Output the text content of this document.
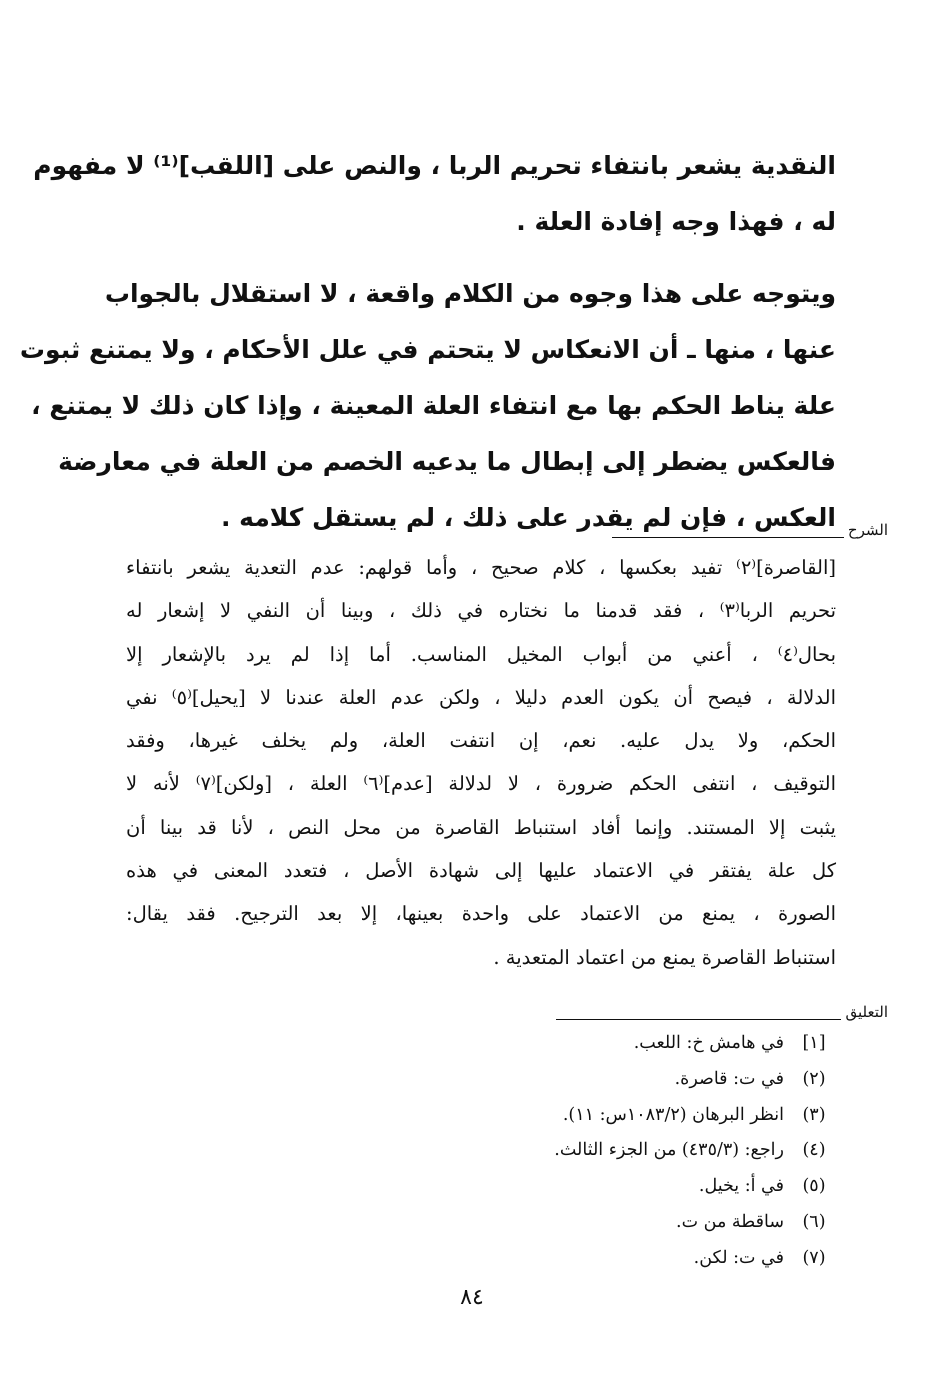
النقدية يشعر بانتفاء تحريم الربا ، والنص على [اللقب]⁽¹⁾ لا مفهوم
له ، فهذا وجه إفادة العلة .
ويتوجه على هذا وجوه من الكلام واقعة ، لا استقلال بالجواب
عنها ، منها ـ أن الانعكاس لا يتحتم في علل الأحكام ، ولا يمتنع ثبوت
علة يناط الحكم بها مع انتفاء العلة المعينة ، وإذا كان ذلك لا يمتنع ،
فالعكس يضطر إلى إبطال ما يدعيه الخصم من العلة في معارضة
العكس ، فإن لم يقدر على ذلك ، لم يستقل كلامه . الشرح
[القاصرة]⁽٢⁾ تفيد بعكسها ، كلام صحيح ، وأما قولهم: عدم التعدية يشعر بانتفاء
تحريم الربا⁽٣⁾ ، فقد قدمنا ما نختاره في ذلك ، وبينا أن النفي لا إشعار له
بحال⁽٤⁾ ، أعني من أبواب المخيل المناسب. أما إذا لم يرد بالإشعار إلا
الدلالة ، فيصح أن يكون العدم دليلا ، ولكن عدم العلة عندنا لا [يحيل]⁽٥⁾ نفي
الحكم، ولا يدل عليه. نعم، إن انتفت العلة، ولم يخلف غيرها، وفقد
التوقيف ، انتفى الحكم ضرورة ، لا لدلالة [عدم]⁽٦⁾ العلة ، [ولكن]⁽٧⁾ لأنه لا
يثبت إلا المستند. وإنما أفاد استنباط القاصرة من محل النص ، لأنا قد بينا أن
كل علة يفتقر في الاعتماد عليها إلى شهادة الأصل ، فتعدد المعنى في هذه
الصورة ، يمنع من الاعتماد على واحدة بعينها، إلا بعد الترجيح. فقد يقال:
استنباط القاصرة يمنع من اعتماد المتعدية .
التعليق
[١]
في هامش خ: اللعب.
(٢)
في ت: قاصرة.
(٣)
انظر البرهان (١٠٨٣/٢س: ١١).
(٤)
راجع: (٤٣٥/٣) من الجزء الثالث.
(٥)
في أ: يخيل.
(٦)
ساقطة من ت.
(٧)
في ت: لكن.
٨٤
